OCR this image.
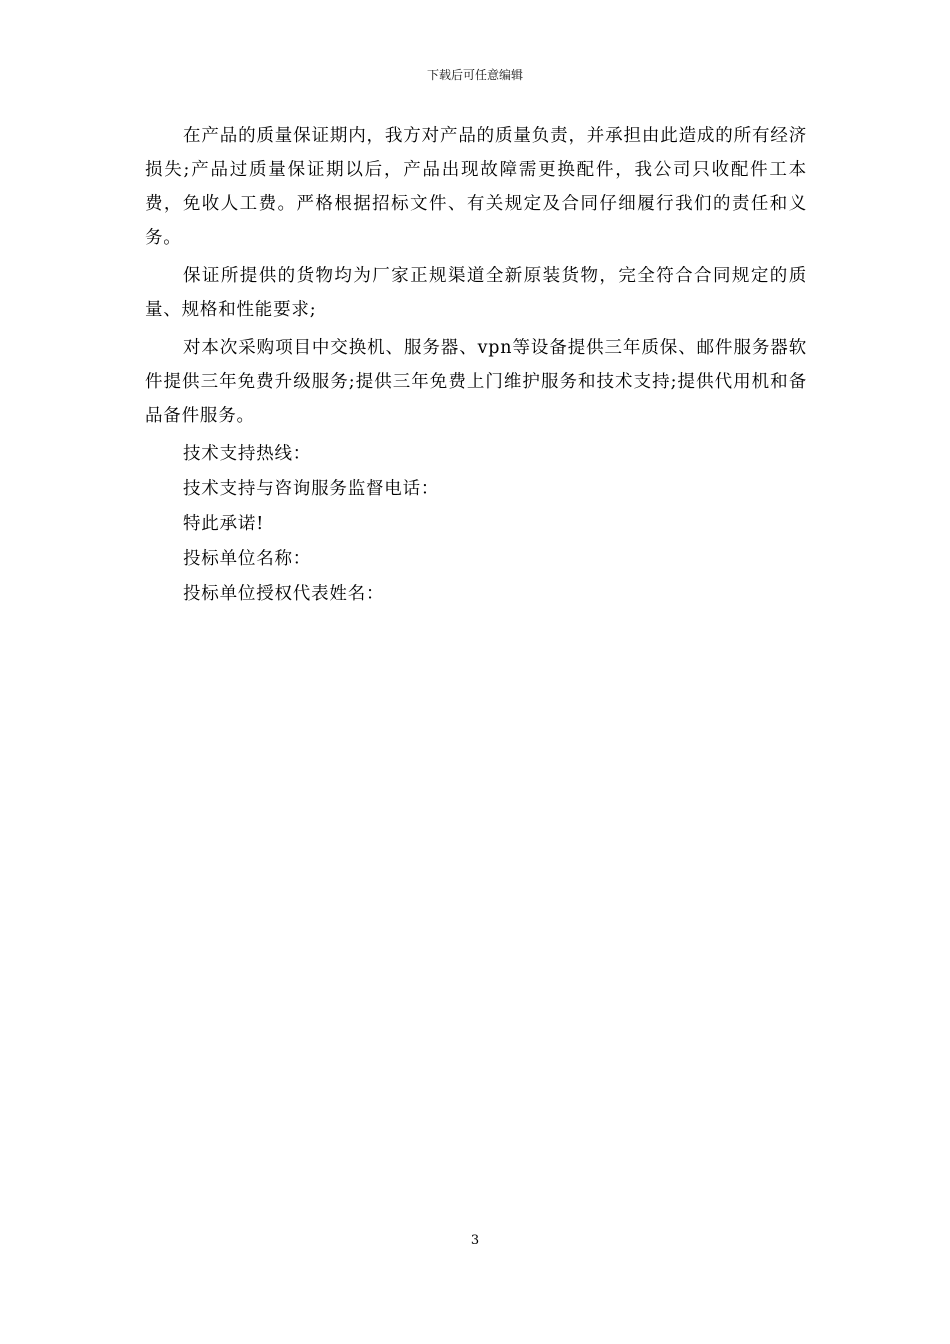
下载后可任意编辑

在产品的质量保证期内，我方对产品的质量负责，并承担由此造成的所有经济损失;产品过质量保证期以后，产品出现故障需更换配件，我公司只收配件工本费，免收人工费。严格根据招标文件、有关规定及合同仔细履行我们的责任和义务。

保证所提供的货物均为厂家正规渠道全新原装货物，完全符合合同规定的质量、规格和性能要求;

对本次采购项目中交换机、服务器、vpn等设备提供三年质保、邮件服务器软件提供三年免费升级服务;提供三年免费上门维护服务和技术支持;提供代用机和备品备件服务。

技术支持热线：

技术支持与咨询服务监督电话：

特此承诺!

投标单位名称：

投标单位授权代表姓名：

3
